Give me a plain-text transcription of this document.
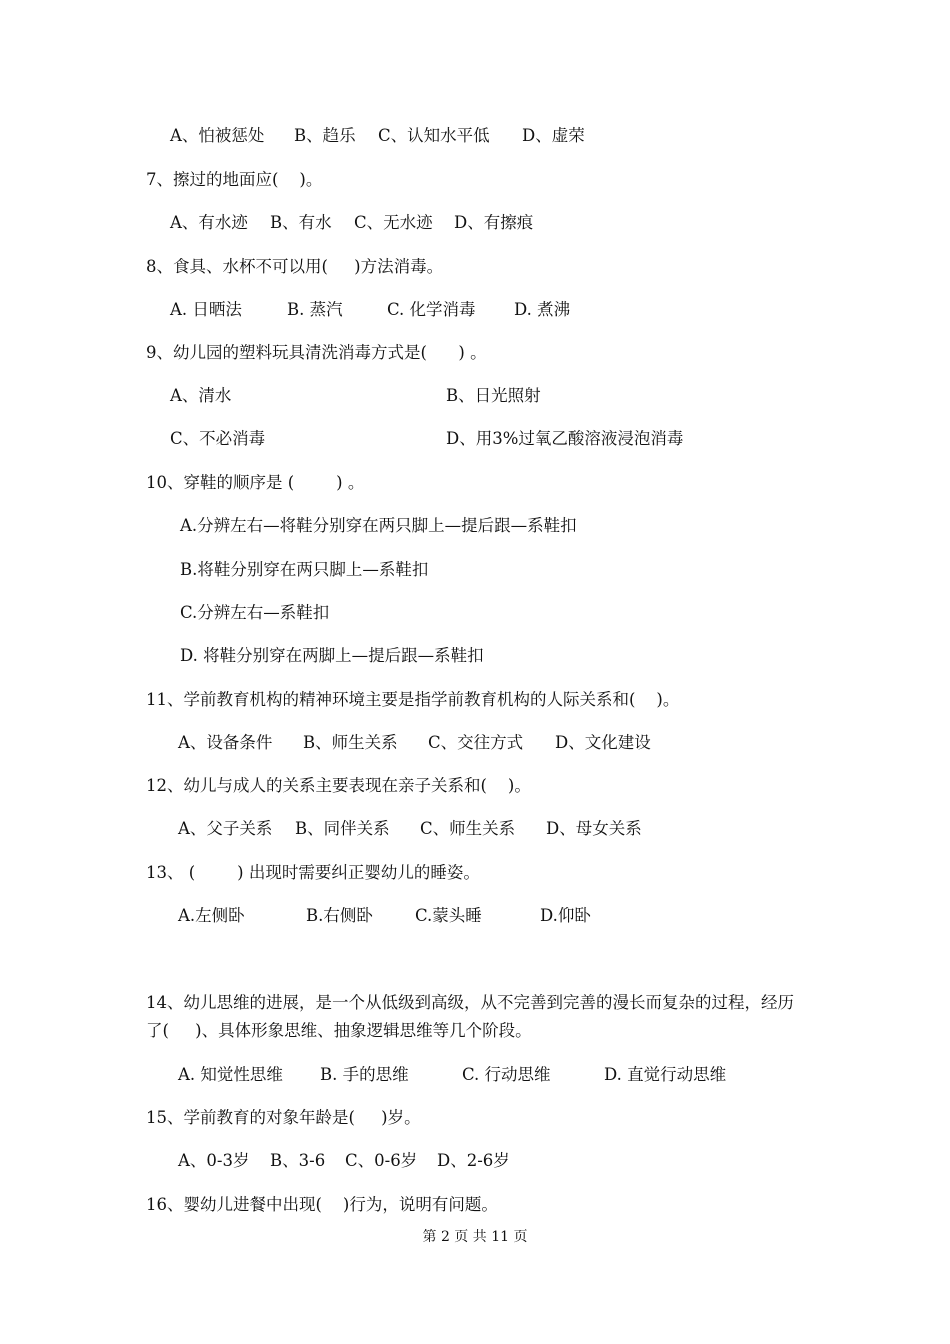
A、怕被惩处 B、趋乐 C、认知水平低 D、虚荣
7、擦过的地面应(    )。
A、有水迹 B、有水 C、无水迹 D、有擦痕
8、食具、水杯不可以用(     )方法消毒。
A. 日晒法	B. 蒸汽	C. 化学消毒 D. 煮沸
9、幼儿园的塑料玩具清洗消毒方式是(      ) 。
A、清水	B、日光照射
C、不必消毒	D、用3%过氧乙酸溶液浸泡消毒
10、穿鞋的顺序是 (        ) 。
A.分辨左右—将鞋分别穿在两只脚上—提后跟—系鞋扣
B.将鞋分别穿在两只脚上—系鞋扣
C.分辨左右—系鞋扣
D. 将鞋分别穿在两脚上—提后跟—系鞋扣
11、学前教育机构的精神环境主要是指学前教育机构的人际关系和(    )。
A、设备条件 B、师生关系 C、交往方式 D、文化建设
12、幼儿与成人的关系主要表现在亲子关系和(    )。
A、父子关系 B、同伴关系 C、师生关系 D、母女关系
13、 (        ) 出现时需要纠正婴幼儿的睡姿。
A.左侧卧	B.右侧卧	C.蒙头睡	D.仰卧
14、幼儿思维的进展，是一个从低级到高级，从不完善到完善的漫长而复杂的过程，经历
了(     )、具体形象思维、抽象逻辑思维等几个阶段。
A. 知觉性思维 B. 手的思维	C. 行动思维	D. 直觉行动思维
15、学前教育的对象年龄是(     )岁。
A、0-3岁 B、3-6 C、0-6岁 D、2-6岁
16、婴幼儿进餐中出现(    )行为，说明有问题。
第 2 页 共 11 页
